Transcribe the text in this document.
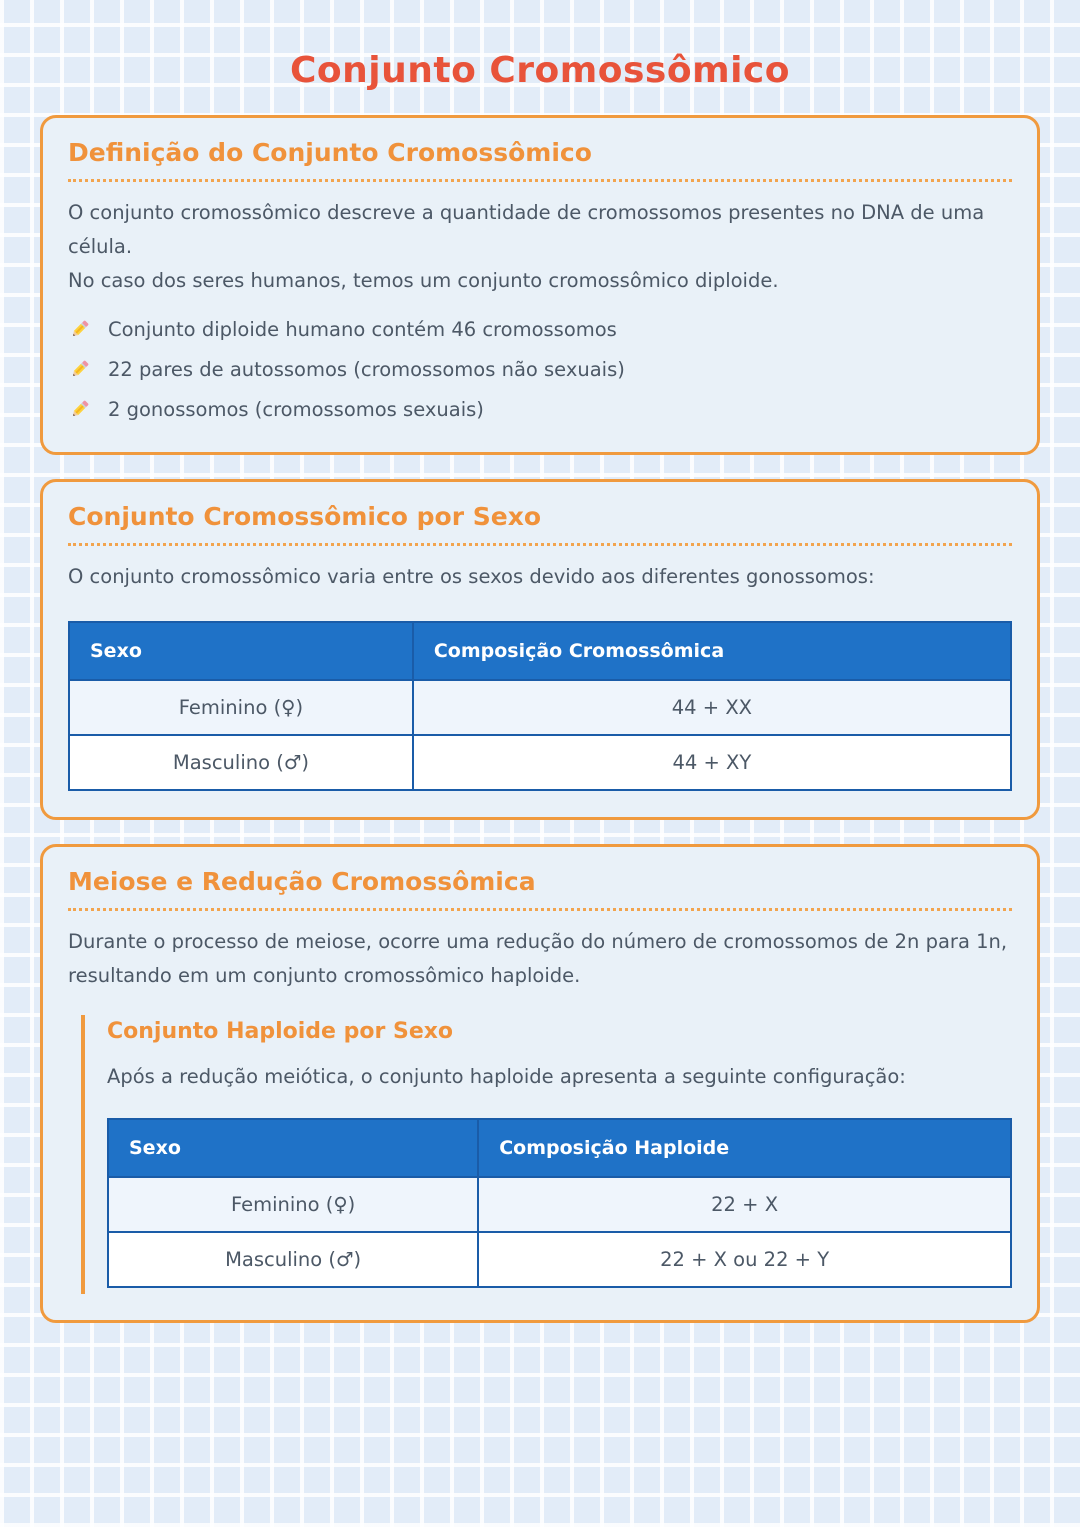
Conjunto Cromossômico
Definição do Conjunto Cromossômico

O conjunto cromossômico descreve a quantidade de cromossomos presentes no DNA de uma célula.

No caso dos seres humanos, temos um conjunto cromossômico diploide.

Conjunto diploide humano contém 46 cromossomos
22 pares de autossomos (cromossomos não sexuais)
2 gonossomos (cromossomos sexuais)
Conjunto Cromossômico por Sexo

O conjunto cromossômico varia entre os sexos devido aos diferentes gonossomos:

Sexo	Composição Cromossômica
Feminino (♀)	44 + XX
Masculino (♂)	44 + XY
Meiose e Redução Cromossômica

Durante o processo de meiose, ocorre uma redução do número de cromossomos de 2n para 1n, resultando em um conjunto cromossômico haploide.

Conjunto Haploide por Sexo

Após a redução meiótica, o conjunto haploide apresenta a seguinte configuração:

Sexo	Composição Haploide
Feminino (♀)	22 + X
Masculino (♂)	22 + X ou 22 + Y
